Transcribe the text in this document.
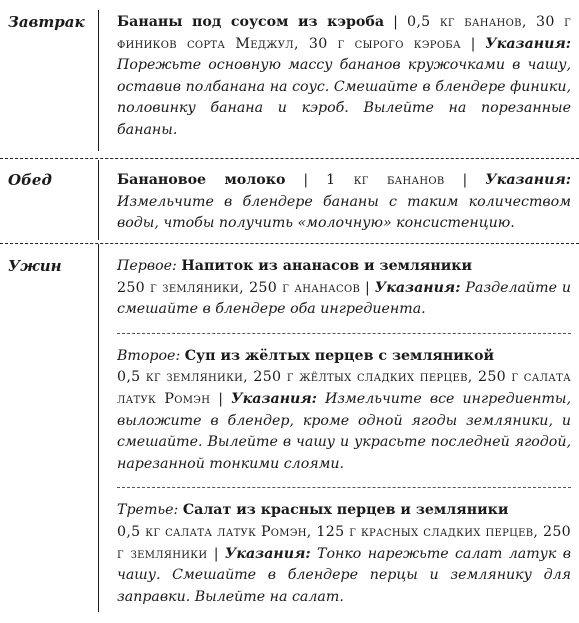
Завтрак Бананы под соусом из кэроба | 0,5 кг бананов, 30 г фиников сорта Меджул, 30 г сырого кэроба | Указания: Порежьте основную массу бананов кружочками в чашу, оставив полбанана на соус. Смешайте в блендере финики, половинку банана и кэроб. Вылейте на порезанные бананы.
Обед	Банановое молоко | 1 кг бананов | Указания: Измельчите в блендере бананы с таким количеством воды, чтобы получить «молочную» консистенцию.
Ужин	Первое: Напиток из ананасов и земляники
250 г земляники, 250 г ананасов | Указания: Разделайте и смешайте в блендере оба ингредиента.
Второе: Суп из жёлтых перцев с земляникой
0,5 кг земляники, 250 г жёлтых сладких перцев, 250 г салата латук Ромэн | Указания: Измельчите все ингредиенты, выложите в блендер, кроме одной ягоды земляники, и смешайте. Вылейте в чашу и украсьте последней ягодой, нарезанной тонкими слоями.
Третье: Салат из красных перцев и земляники
0,5 кг салата латук Ромэн, 125 г красных сладких перцев, 250 г земляники | Указания: Тонко нарежьте салат латук в чашу. Смешайте в блендере перцы и землянику для заправки. Вылейте на салат.
